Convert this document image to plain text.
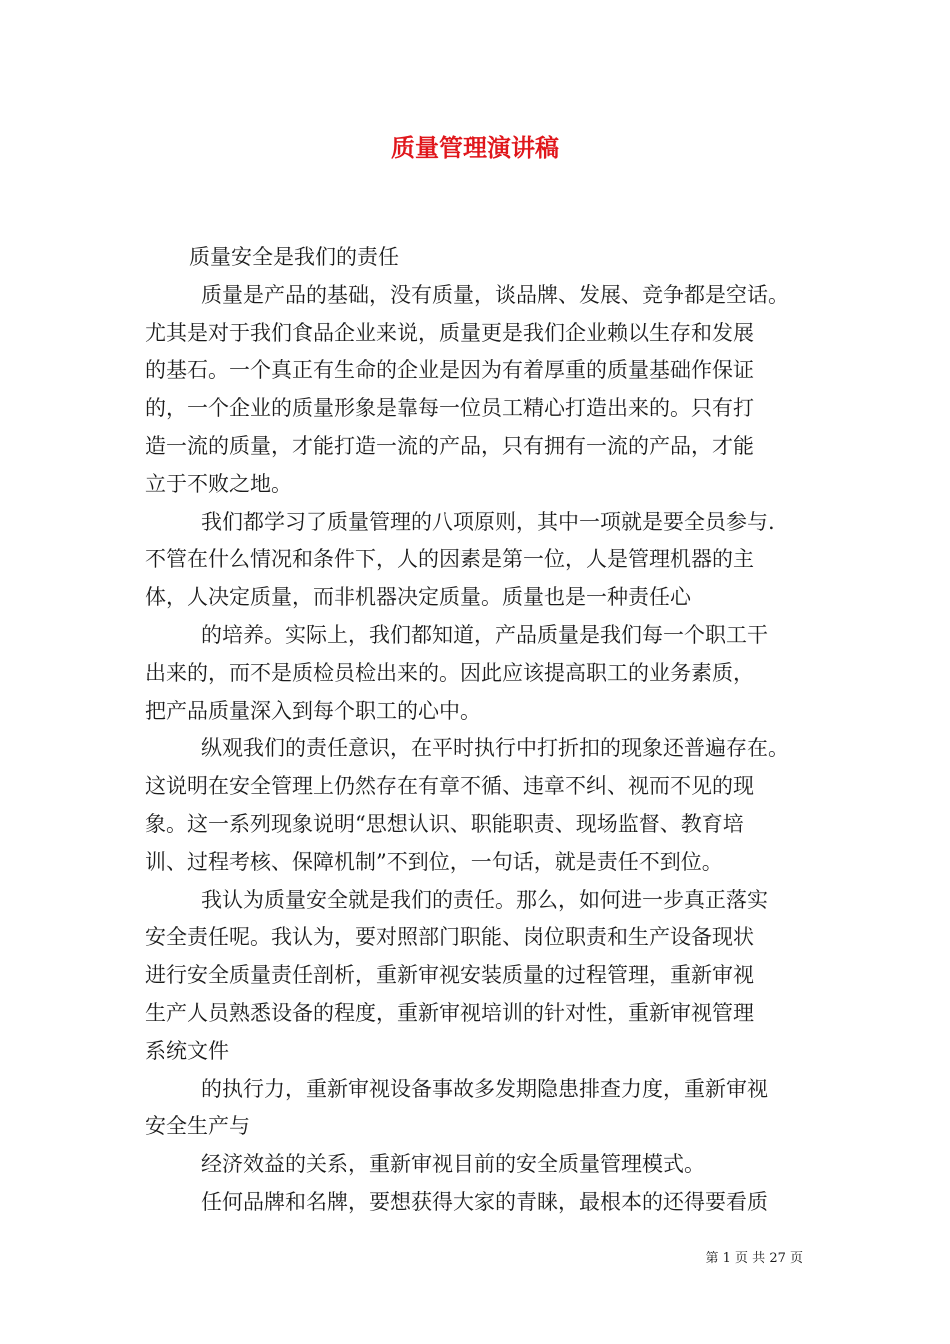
质量管理演讲稿
质量安全是我们的责任
质量是产品的基础，没有质量，谈品牌、发展、竞争都是空话。
尤其是对于我们食品企业来说，质量更是我们企业赖以生存和发展
的基石。一个真正有生命的企业是因为有着厚重的质量基础作保证
的，一个企业的质量形象是靠每一位员工精心打造出来的。只有打
造一流的质量，才能打造一流的产品，只有拥有一流的产品，才能
立于不败之地。
我们都学习了质量管理的八项原则，其中一项就是要全员参与.
不管在什么情况和条件下，人的因素是第一位，人是管理机器的主
体，人决定质量，而非机器决定质量。质量也是一种责任心
的培养。实际上，我们都知道，产品质量是我们每一个职工干
出来的，而不是质检员检出来的。因此应该提高职工的业务素质，
把产品质量深入到每个职工的心中。
纵观我们的责任意识，在平时执行中打折扣的现象还普遍存在。
这说明在安全管理上仍然存在有章不循、违章不纠、视而不见的现
象。这一系列现象说明“思想认识、职能职责、现场监督、教育培
训、过程考核、保障机制”不到位，一句话，就是责任不到位。
我认为质量安全就是我们的责任。那么，如何进一步真正落实
安全责任呢。我认为，要对照部门职能、岗位职责和生产设备现状
进行安全质量责任剖析，重新审视安装质量的过程管理，重新审视
生产人员熟悉设备的程度，重新审视培训的针对性，重新审视管理
系统文件
的执行力，重新审视设备事故多发期隐患排查力度，重新审视
安全生产与
经济效益的关系，重新审视目前的安全质量管理模式。
任何品牌和名牌，要想获得大家的青睐，最根本的还得要看质
第 1 页 共 27 页
